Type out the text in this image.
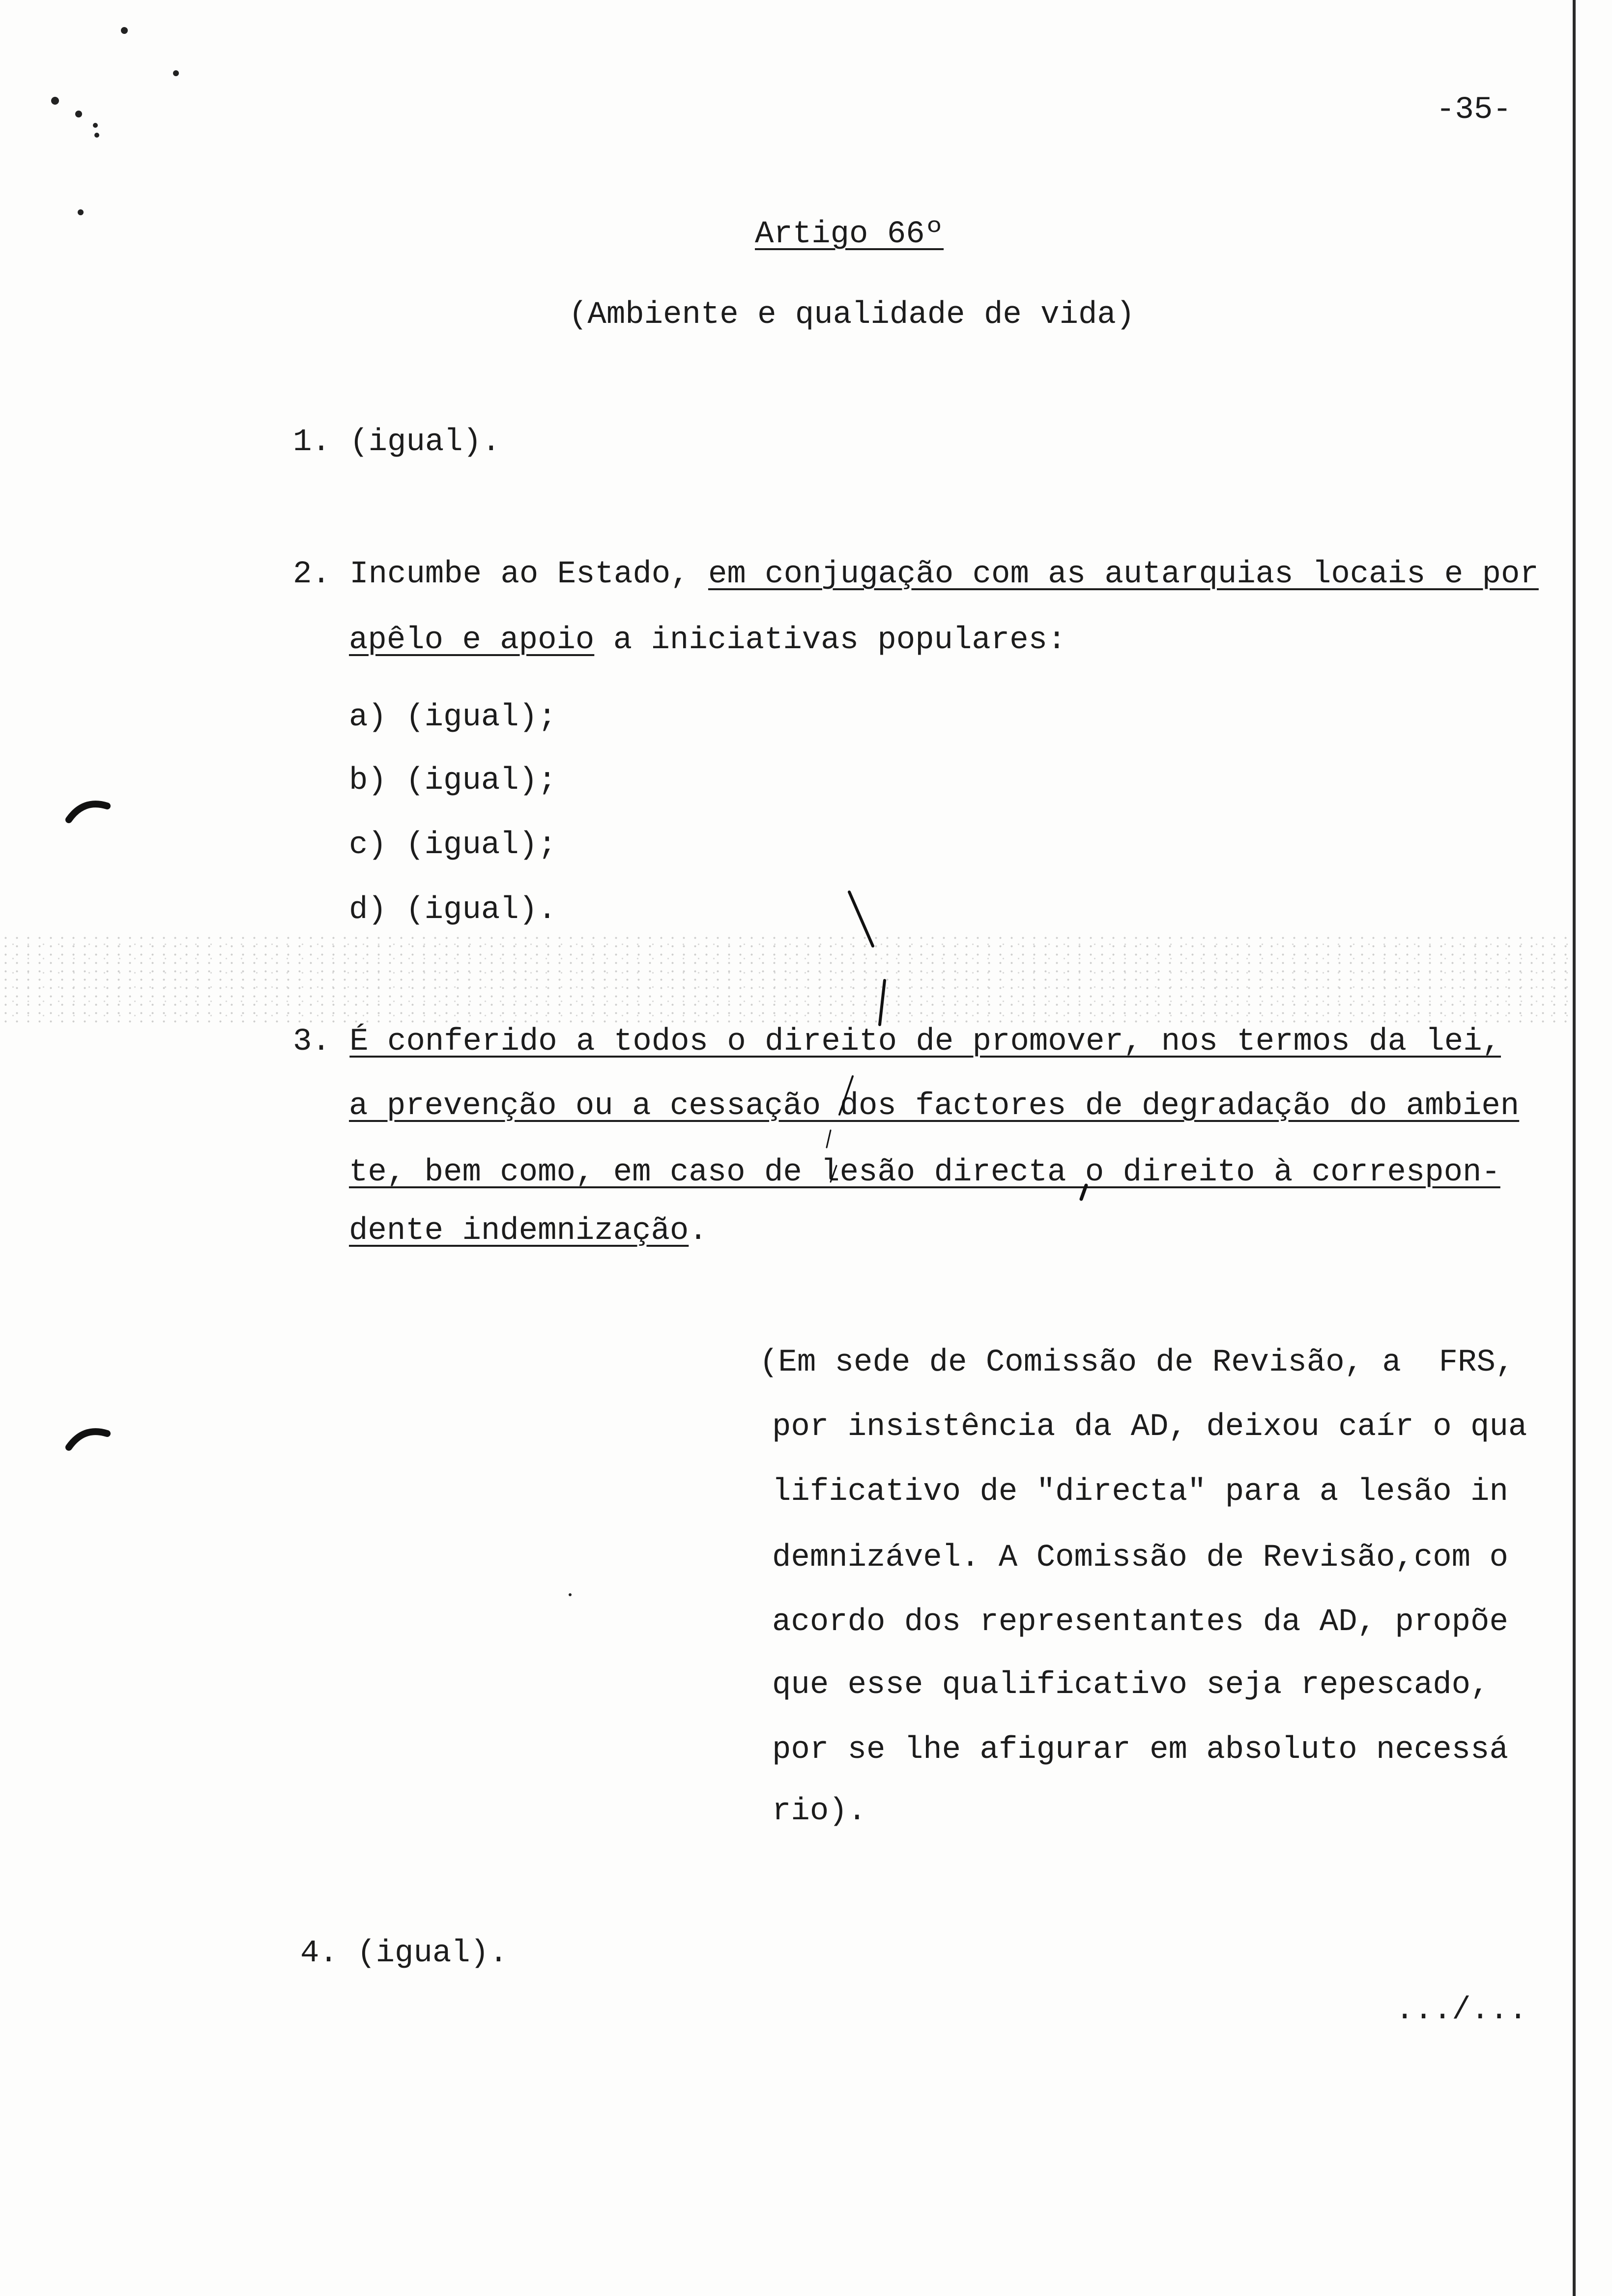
-35-
Artigo 66º
(Ambiente e qualidade de vida)
1. (igual).
2. Incumbe ao Estado, em conjugação com as autarquias locais e por
apêlo e apoio a iniciativas populares:
a) (igual);
b) (igual);
c) (igual);
d) (igual).
3. É conferido a todos o direito de promover, nos termos da lei,
a prevenção ou a cessação dos factores de degradação do ambien
te, bem como, em caso de lesão directa o direito à correspon-
dente indemnização.
(Em sede de Comissão de Revisão, a  FRS,
por insistência da AD, deixou caír o qua
lificativo de "directa" para a lesão in
demnizável. A Comissão de Revisão,com o
acordo dos representantes da AD, propõe
que esse qualificativo seja repescado,
por se lhe afigurar em absoluto necessá
rio).
4. (igual).
.../...
